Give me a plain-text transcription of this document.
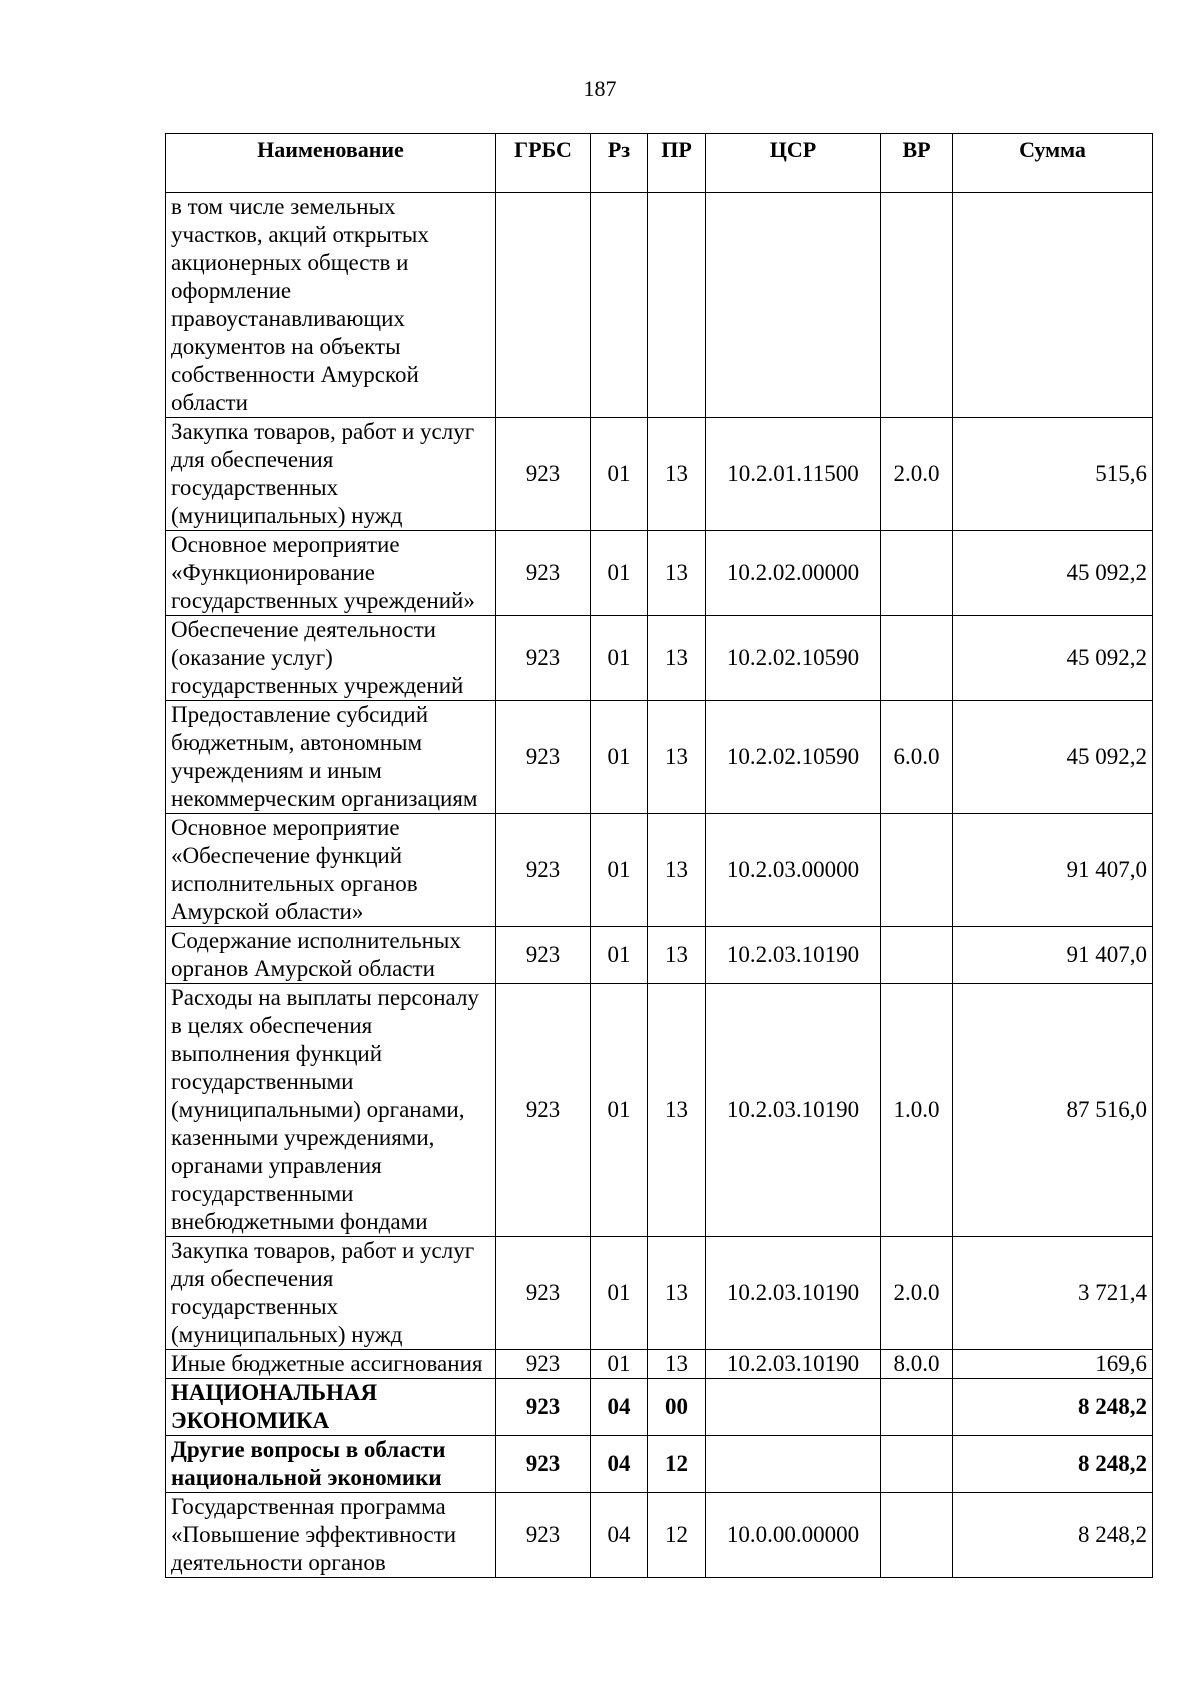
187
Наименование	ГРБС	Рз	ПР	ЦСР	ВР	Сумма
в том числе земельных участков, акций открытых акционерных обществ и оформление правоустанавливающих документов на объекты собственности Амурской области						
Закупка товаров, работ и услуг для обеспечения государственных (муниципальных) нужд	923	01	13	10.2.01.11500	2.0.0	515,6
Основное мероприятие «Функционирование государственных учреждений»	923	01	13	10.2.02.00000		45 092,2
Обеспечение деятельности (оказание услуг) государственных учреждений	923	01	13	10.2.02.10590		45 092,2
Предоставление субсидий бюджетным, автономным учреждениям и иным некоммерческим организациям	923	01	13	10.2.02.10590	6.0.0	45 092,2
Основное мероприятие «Обеспечение функций исполнительных органов Амурской области»	923	01	13	10.2.03.00000		91 407,0
Содержание исполнительных органов Амурской области	923	01	13	10.2.03.10190		91 407,0
Расходы на выплаты персоналу в целях обеспечения выполнения функций государственными (муниципальными) органами, казенными учреждениями, органами управления государственными внебюджетными фондами	923	01	13	10.2.03.10190	1.0.0	87 516,0
Закупка товаров, работ и услуг для обеспечения государственных (муниципальных) нужд	923	01	13	10.2.03.10190	2.0.0	3 721,4
Иные бюджетные ассигнования	923	01	13	10.2.03.10190	8.0.0	169,6
НАЦИОНАЛЬНАЯ ЭКОНОМИКА	923	04	00			8 248,2
Другие вопросы в области национальной экономики	923	04	12			8 248,2
Государственная программа «Повышение эффективности деятельности органов	923	04	12	10.0.00.00000		8 248,2
